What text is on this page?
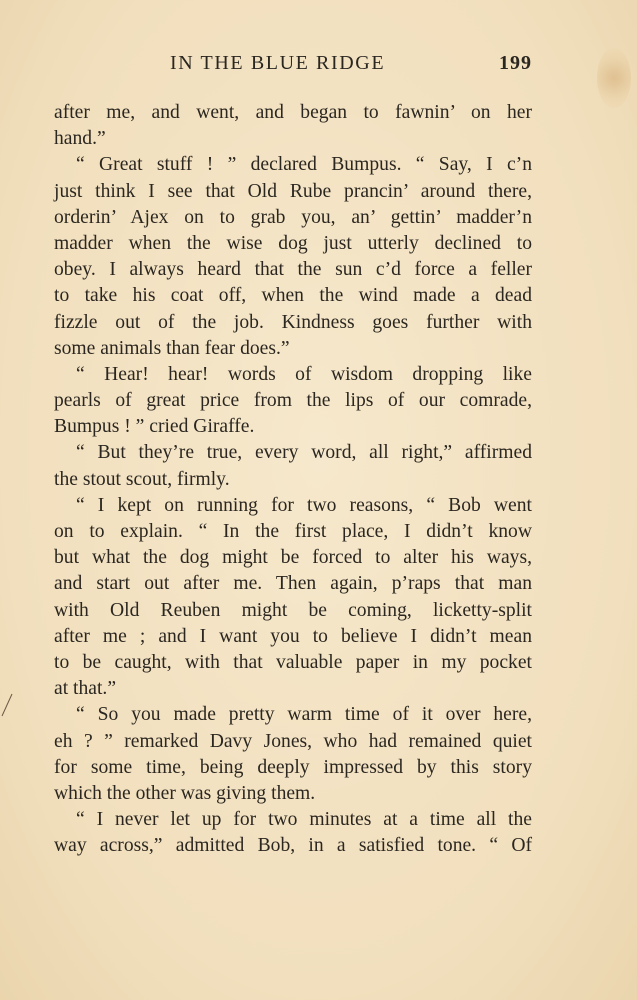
IN THE BLUE RIDGE	199
after me, and went, and began to fawnin’ on her
hand.”
“ Great stuff ! ” declared Bumpus. “ Say, I c’n
just think I see that Old Rube prancin’ around there,
orderin’ Ajex on to grab you, an’ gettin’ madder’n
madder when the wise dog just utterly declined to
obey. I always heard that the sun c’d force a feller
to take his coat off, when the wind made a dead
fizzle out of the job. Kindness goes further with
some animals than fear does.”
“ Hear! hear! words of wisdom dropping like
pearls of great price from the lips of our comrade,
Bumpus ! ” cried Giraffe.
“ But they’re true, every word, all right,” affirmed
the stout scout, firmly.
“ I kept on running for two reasons, “ Bob went
on to explain. “ In the first place, I didn’t know
but what the dog might be forced to alter his ways,
and start out after me. Then again, p’raps that man
with Old Reuben might be coming, licketty-split
after me ; and I want you to believe I didn’t mean
to be caught, with that valuable paper in my pocket
at that.”
“ So you made pretty warm time of it over here,
eh ? ” remarked Davy Jones, who had remained quiet
for some time, being deeply impressed by this story
which the other was giving them.
“ I never let up for two minutes at a time all the
way across,” admitted Bob, in a satisfied tone. “ Of
